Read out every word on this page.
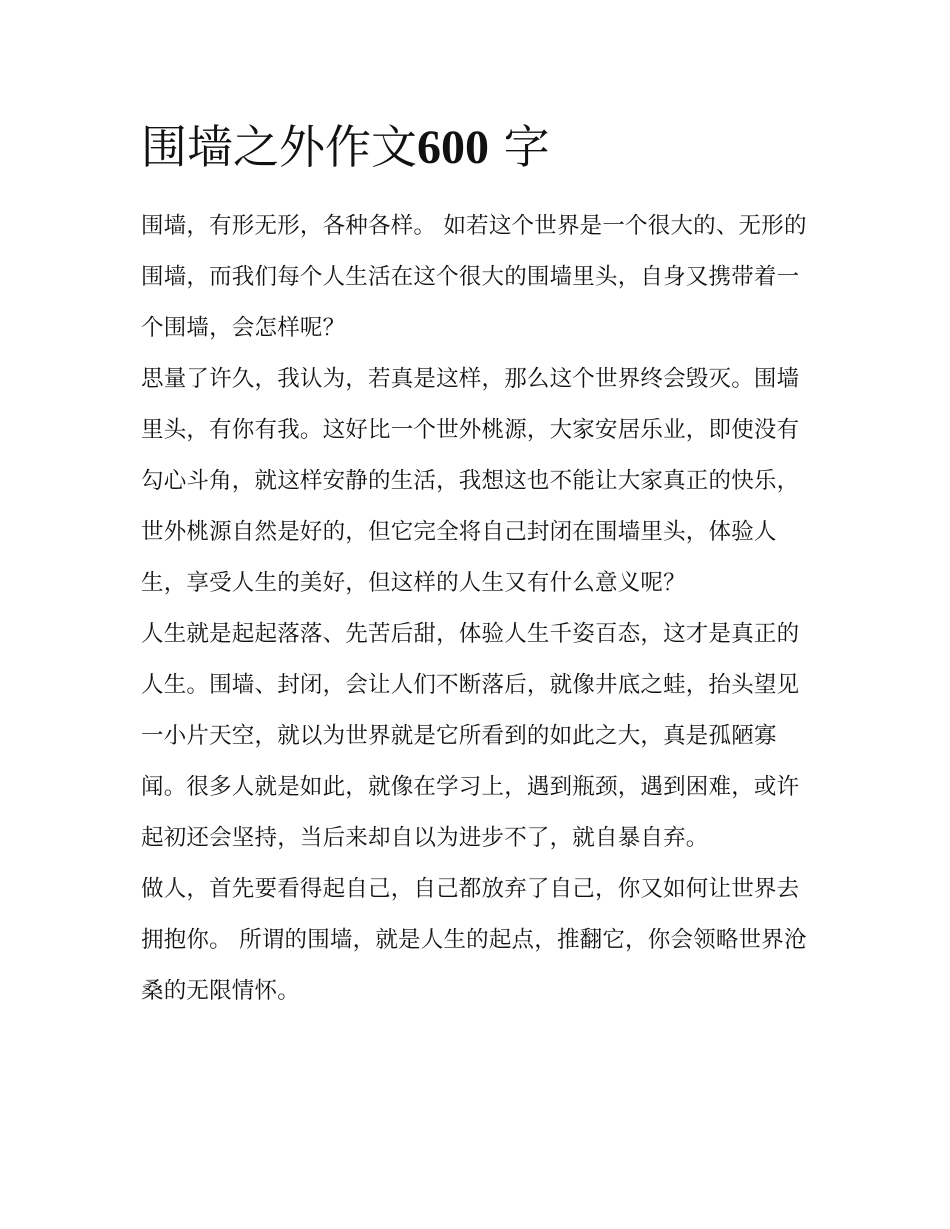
围墙之外作文600 字

围墙，有形无形，各种各样。 如若这个世界是一个很大的、无形的围墙，而我们每个人生活在这个很大的围墙里头，自身又携带着一个围墙，会怎样呢？

思量了许久，我认为，若真是这样，那么这个世界终会毁灭。围墙里头，有你有我。这好比一个世外桃源，大家安居乐业，即使没有勾心斗角，就这样安静的生活，我想这也不能让大家真正的快乐，世外桃源自然是好的，但它完全将自己封闭在围墙里头，体验人生，享受人生的美好，但这样的人生又有什么意义呢？

人生就是起起落落、先苦后甜，体验人生千姿百态，这才是真正的人生。围墙、封闭，会让人们不断落后，就像井底之蛙，抬头望见一小片天空，就以为世界就是它所看到的如此之大，真是孤陋寡闻。很多人就是如此，就像在学习上，遇到瓶颈，遇到困难，或许起初还会坚持，当后来却自以为进步不了，就自暴自弃。

做人，首先要看得起自己，自己都放弃了自己，你又如何让世界去拥抱你。 所谓的围墙，就是人生的起点，推翻它，你会领略世界沧桑的无限情怀。
